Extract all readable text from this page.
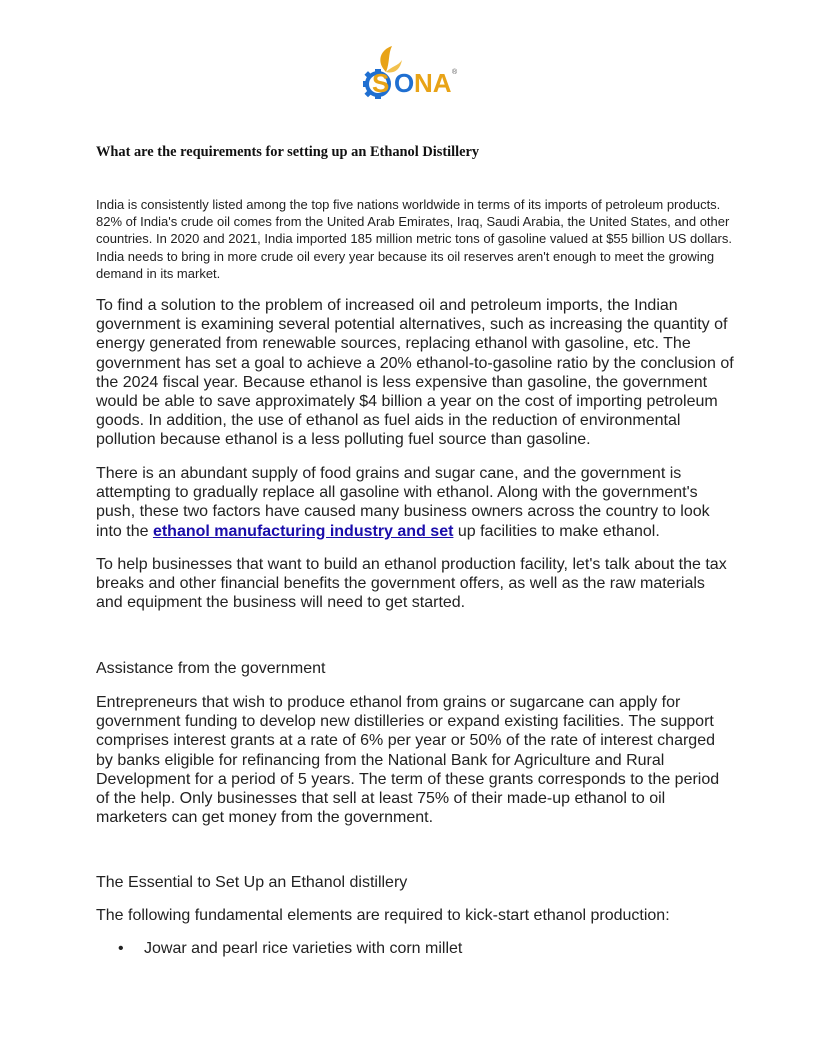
S O NA ®
What are the requirements for setting up an Ethanol Distillery

India is consistently listed among the top five nations worldwide in terms of its imports of petroleum products. 82% of India's crude oil comes from the United Arab Emirates, Iraq, Saudi Arabia, the United States, and other countries. In 2020 and 2021, India imported 185 million metric tons of gasoline valued at $55 billion US dollars. India needs to bring in more crude oil every year because its oil reserves aren't enough to meet the growing demand in its market.

To find a solution to the problem of increased oil and petroleum imports, the Indian government is examining several potential alternatives, such as increasing the quantity of energy generated from renewable sources, replacing ethanol with gasoline, etc. The government has set a goal to achieve a 20% ethanol-to-gasoline ratio by the conclusion of the 2024 fiscal year. Because ethanol is less expensive than gasoline, the government would be able to save approximately $4 billion a year on the cost of importing petroleum goods. In addition, the use of ethanol as fuel aids in the reduction of environmental pollution because ethanol is a less polluting fuel source than gasoline.

There is an abundant supply of food grains and sugar cane, and the government is attempting to gradually replace all gasoline with ethanol. Along with the government's push, these two factors have caused many business owners across the country to look into the ethanol manufacturing industry and set up facilities to make ethanol.

To help businesses that want to build an ethanol production facility, let's talk about the tax breaks and other financial benefits the government offers, as well as the raw materials and equipment the business will need to get started.

Assistance from the government

Entrepreneurs that wish to produce ethanol from grains or sugarcane can apply for government funding to develop new distilleries or expand existing facilities. The support comprises interest grants at a rate of 6% per year or 50% of the rate of interest charged by banks eligible for refinancing from the National Bank for Agriculture and Rural Development for a period of 5 years. The term of these grants corresponds to the period of the help. Only businesses that sell at least 75% of their made-up ethanol to oil marketers can get money from the government.

The Essential to Set Up an Ethanol distillery

The following fundamental elements are required to kick-start ethanol production:

• Jowar and pearl rice varieties with corn millet
